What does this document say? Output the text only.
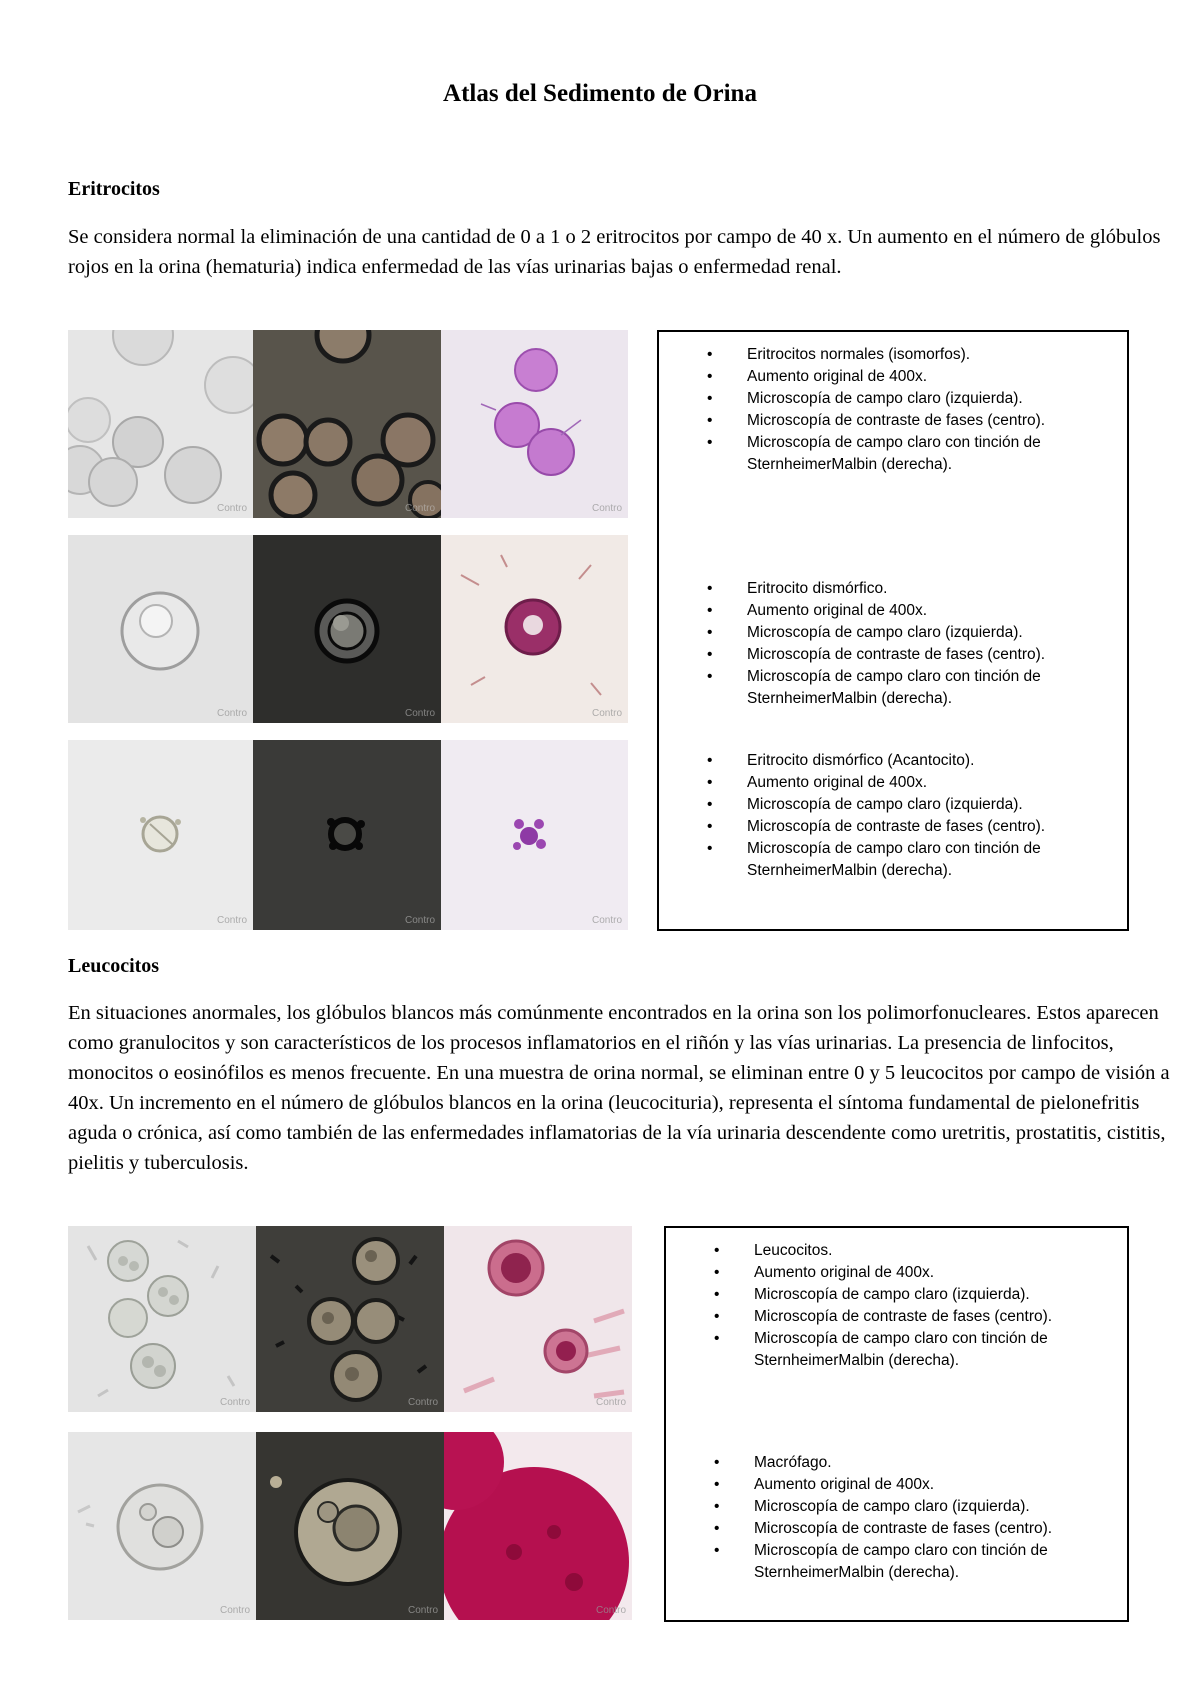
Atlas del Sedimento de Orina
Eritrocitos

Se considera normal la eliminación de una cantidad de 0 a 1 o 2 eritrocitos por campo de 40 x. Un aumento en el número de glóbulos rojos en la orina (hematuria) indica enfermedad de las vías urinarias bajas o enfermedad renal.

Contro	Contro	Contro
Contro	Contro	Contro
Contro	Contro	Contro
• Eritrocitos normales (isomorfos).
• Aumento original de 400x.
• Microscopía de campo claro (izquierda).
• Microscopía de contraste de fases (centro).
• Microscopía de campo claro con tinción de SternheimerMalbin (derecha).
• Eritrocito dismórfico.
• Aumento original de 400x.
• Microscopía de campo claro (izquierda).
• Microscopía de contraste de fases (centro).
• Microscopía de campo claro con tinción de SternheimerMalbin (derecha).
• Eritrocito dismórfico (Acantocito).
• Aumento original de 400x.
• Microscopía de campo claro (izquierda).
• Microscopía de contraste de fases (centro).
• Microscopía de campo claro con tinción de SternheimerMalbin (derecha).
Leucocitos

En situaciones anormales, los glóbulos blancos más comúnmente encontrados en la orina son los polimorfonucleares. Estos aparecen como granulocitos y son característicos de los procesos inflamatorios en el riñón y las vías urinarias. La presencia de linfocitos, monocitos o eosinófilos es menos frecuente. En una muestra de orina normal, se eliminan entre 0 y 5 leucocitos por campo de visión a 40x. Un incremento en el número de glóbulos blancos en la orina (leucocituria), representa el síntoma fundamental de pielonefritis aguda o crónica, así como también de las enfermedades inflamatorias de la vía urinaria descendente como uretritis, prostatitis, cistitis, pielitis y tuberculosis.

Contro	Contro	Contro
Contro	Contro	Contro
• Leucocitos.
• Aumento original de 400x.
• Microscopía de campo claro (izquierda).
• Microscopía de contraste de fases (centro).
• Microscopía de campo claro con tinción de SternheimerMalbin (derecha).
• Macrófago.
• Aumento original de 400x.
• Microscopía de campo claro (izquierda).
• Microscopía de contraste de fases (centro).
• Microscopía de campo claro con tinción de SternheimerMalbin (derecha).
